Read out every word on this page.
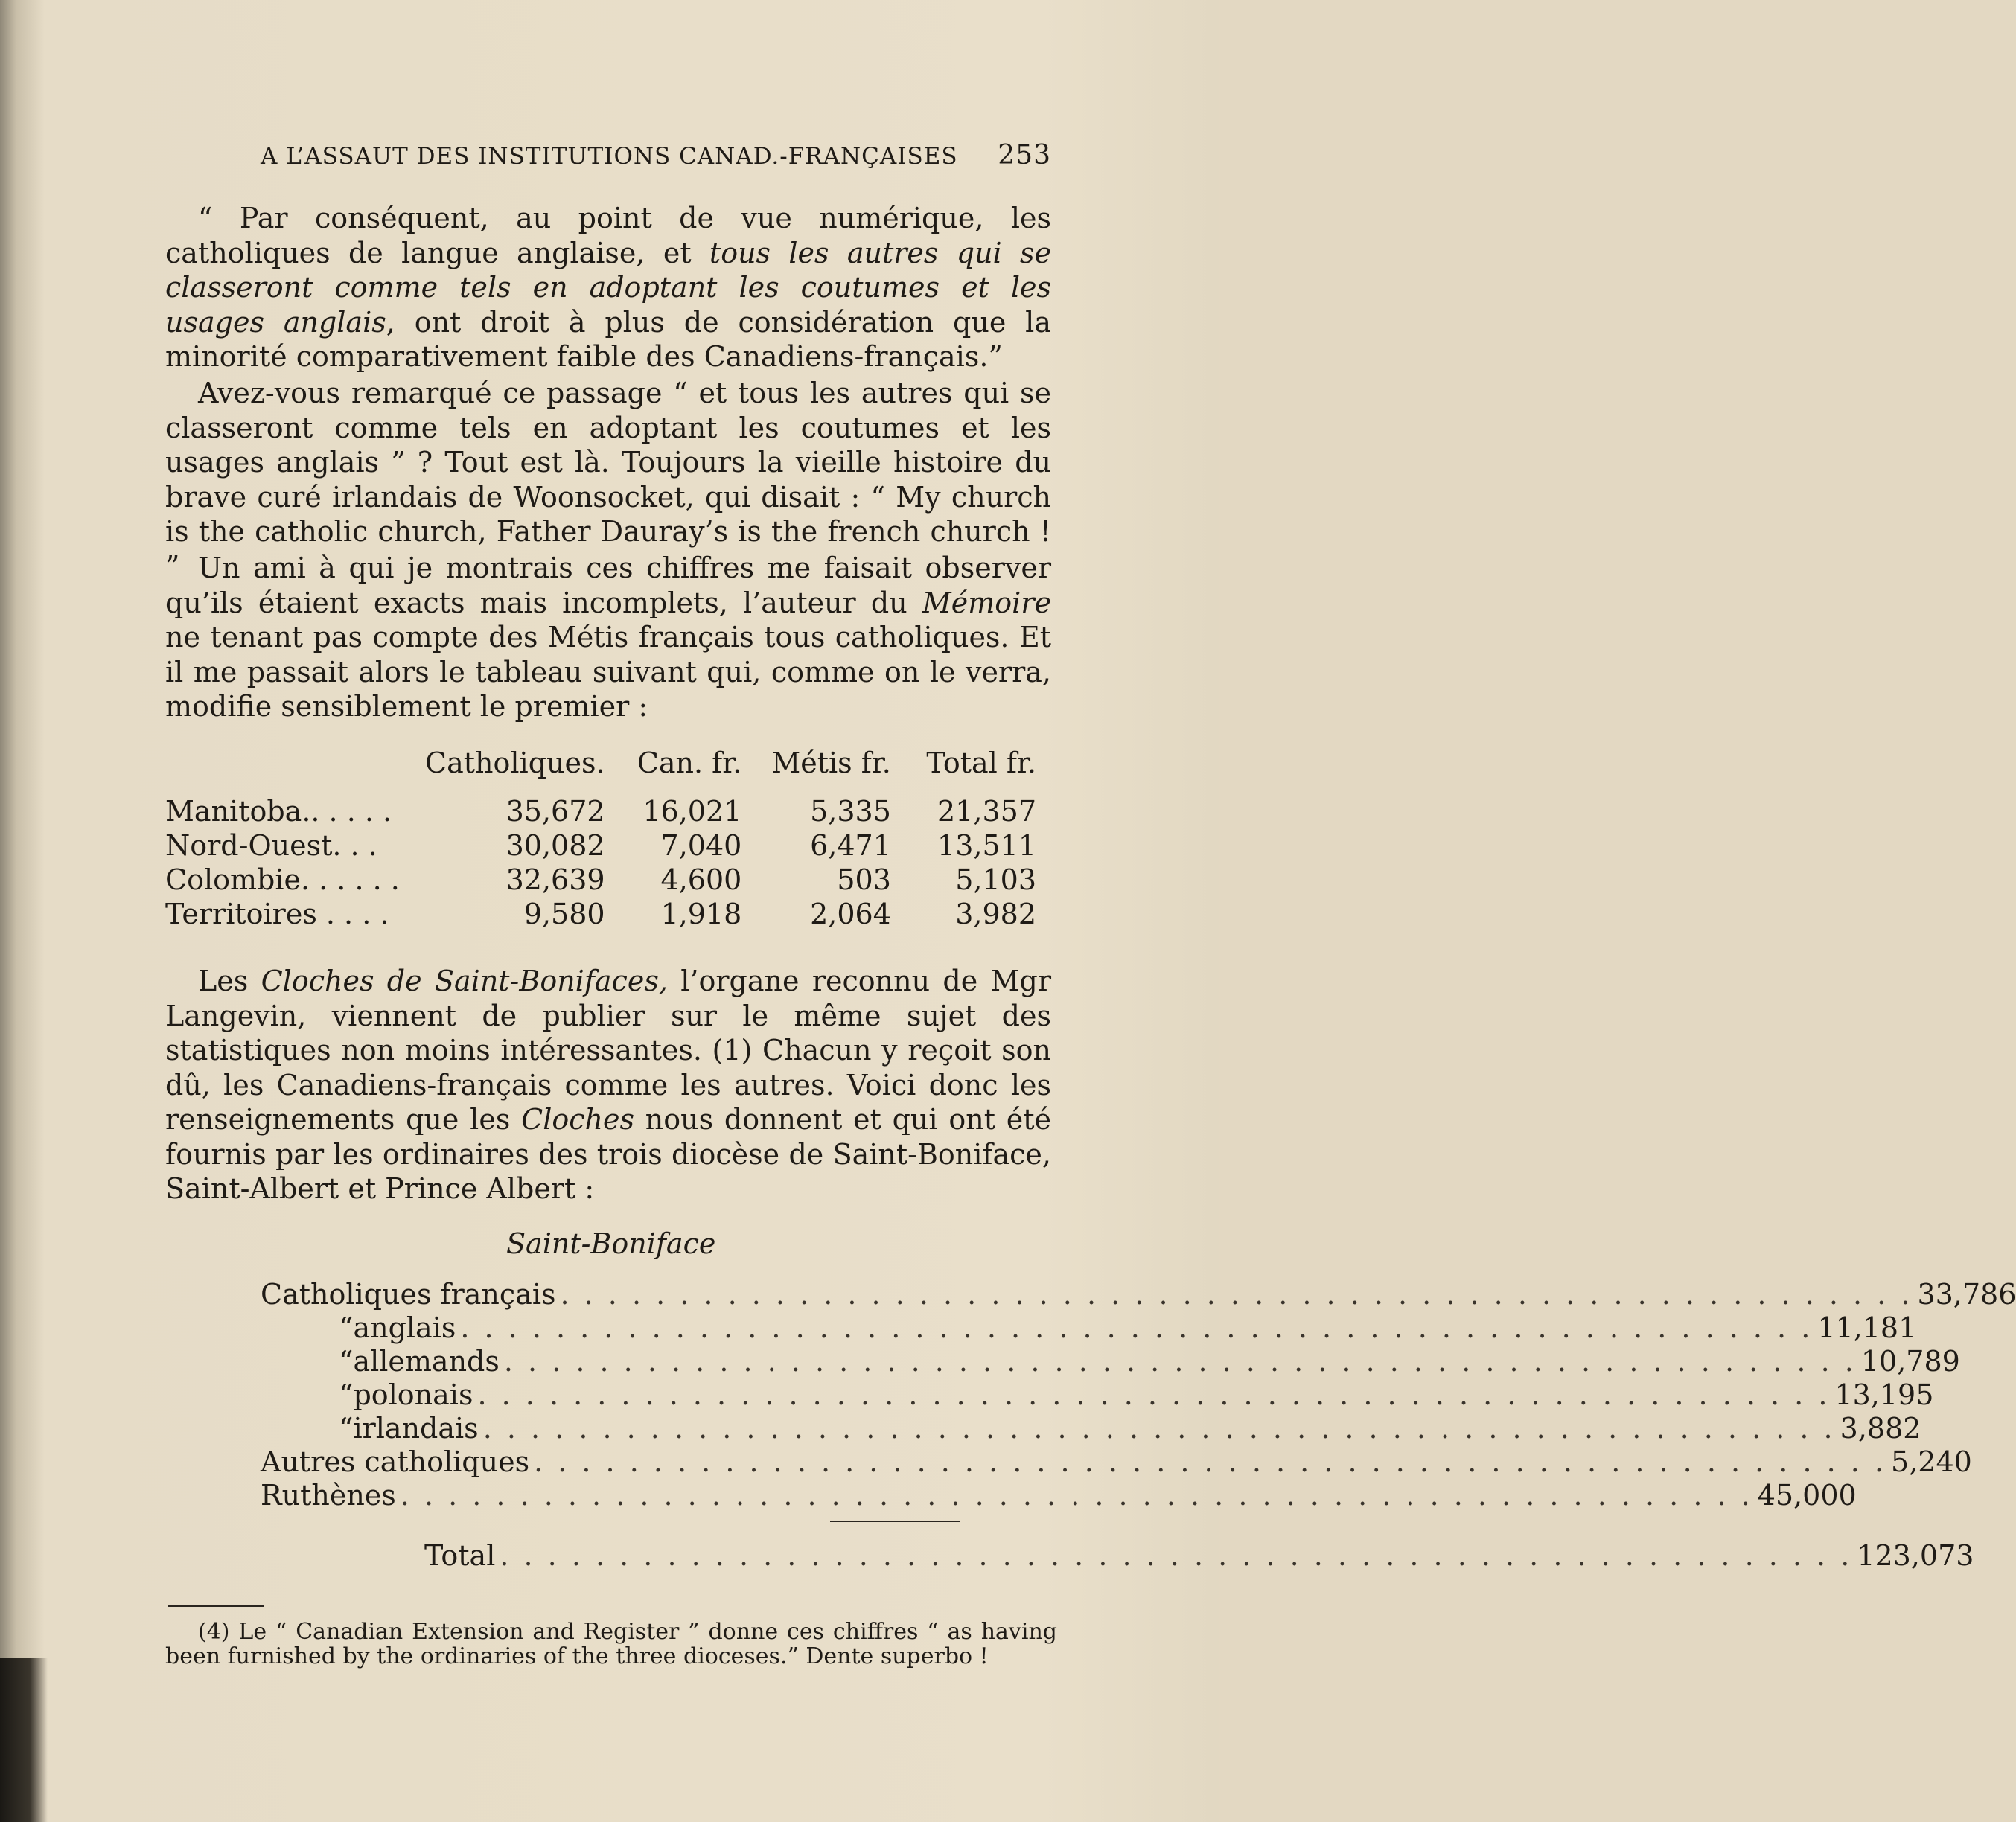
A L’ASSAUT DES INSTITUTIONS CANAD.-FRANÇAISES 253
“ Par conséquent, au point de vue numérique, les catholiques de langue anglaise, et tous les autres qui se classeront comme tels en adoptant les coutumes et les usages anglais, ont droit à plus de considération que la minorité comparativement faible des Canadiens-français.”
Avez-vous remarqué ce passage “ et tous les autres qui se classeront comme tels en adoptant les coutumes et les usages anglais ” ? Tout est là. Toujours la vieille histoire du brave curé irlandais de Woonsocket, qui disait : “ My church is the catholic church, Father Dauray’s is the french church ! ” Un ami à qui je montrais ces chiffres me faisait observer qu’ils étaient exacts mais incomplets, l’auteur du Mémoire ne tenant pas compte des Métis français tous catholiques. Et il me passait alors le tableau suivant qui, comme on le verra, modifie sensiblement le premier :
	Catholiques.	Can. fr.	Métis fr.	Total fr.
Manitoba.. . . . .	35,672	16,021	5,335	21,357
Nord-Ouest. . .	30,082	7,040	6,471	13,511
Colombie. . . . . .	32,639	4,600	503	5,103
Territoires . . . .	9,580	1,918	2,064	3,982
Les Cloches de Saint-Bonifaces, l’organe reconnu de Mgr Langevin, viennent de publier sur le même sujet des statistiques non moins intéressantes. (1) Chacun y reçoit son dû, les Canadiens-français comme les autres. Voici donc les renseignements que les Cloches nous donnent et qui ont été fournis par les ordinaires des trois diocèse de Saint-Boniface, Saint-Albert et Prince Albert :
Saint-Boniface
Catholiques français . . . . . . . . . . . . . . . . . . . . . . . . . . . . . . . . . . . . . . . . . . . . . . . . . . . . . . . . . 33,786
“ anglais . . . . . . . . . . . . . . . . . . . . . . . . . . . . . . . . . . . . . . . . . . . . . . . . . . . . . . . . . 11,181
“ allemands . . . . . . . . . . . . . . . . . . . . . . . . . . . . . . . . . . . . . . . . . . . . . . . . . . . . . . . . . 10,789
“ polonais . . . . . . . . . . . . . . . . . . . . . . . . . . . . . . . . . . . . . . . . . . . . . . . . . . . . . . . . . 13,195
“ irlandais . . . . . . . . . . . . . . . . . . . . . . . . . . . . . . . . . . . . . . . . . . . . . . . . . . . . . . . . . 3,882
Autres catholiques . . . . . . . . . . . . . . . . . . . . . . . . . . . . . . . . . . . . . . . . . . . . . . . . . . . . . . . . . 5,240
Ruthènes . . . . . . . . . . . . . . . . . . . . . . . . . . . . . . . . . . . . . . . . . . . . . . . . . . . . . . . . . 45,000
Total . . . . . . . . . . . . . . . . . . . . . . . . . . . . . . . . . . . . . . . . . . . . . . . . . . . . . . . . . 123,073
(4) Le “ Canadian Extension and Register ” donne ces chiffres “ as having been furnished by the ordinaries of the three dioceses.” Dente superbo !
